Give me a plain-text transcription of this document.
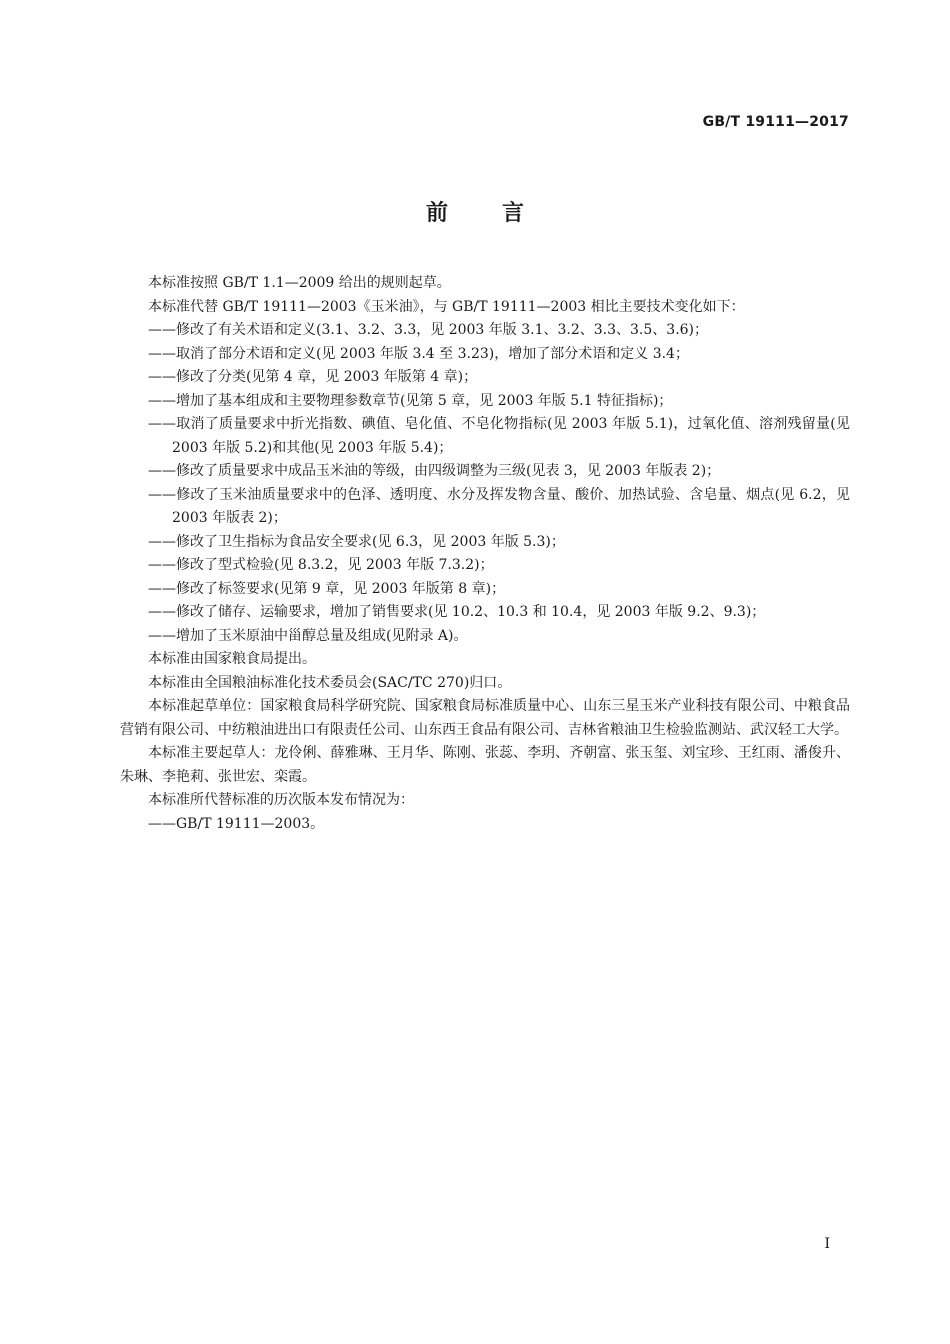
GB/T 19111—2017
前言

本标准按照 GB/T 1.1—2009 给出的规则起草。

本标准代替 GB/T 19111—2003《玉米油》，与 GB/T 19111—2003 相比主要技术变化如下：

——修改了有关术语和定义(3.1、3.2、3.3，见 2003 年版 3.1、3.2、3.3、3.5、3.6)；

——取消了部分术语和定义(见 2003 年版 3.4 至 3.23)，增加了部分术语和定义 3.4；

——修改了分类(见第 4 章，见 2003 年版第 4 章)；

——增加了基本组成和主要物理参数章节(见第 5 章，见 2003 年版 5.1 特征指标)；

——取消了质量要求中折光指数、碘值、皂化值、不皂化物指标(见 2003 年版 5.1)，过氧化值、溶剂残留量(见 2003 年版 5.2)和其他(见 2003 年版 5.4)；

——修改了质量要求中成品玉米油的等级，由四级调整为三级(见表 3，见 2003 年版表 2)；

——修改了玉米油质量要求中的色泽、透明度、水分及挥发物含量、酸价、加热试验、含皂量、烟点(见 6.2，见 2003 年版表 2)；

——修改了卫生指标为食品安全要求(见 6.3，见 2003 年版 5.3)；

——修改了型式检验(见 8.3.2，见 2003 年版 7.3.2)；

——修改了标签要求(见第 9 章，见 2003 年版第 8 章)；

——修改了储存、运输要求，增加了销售要求(见 10.2、10.3 和 10.4，见 2003 年版 9.2、9.3)；

——增加了玉米原油中甾醇总量及组成(见附录 A)。

本标准由国家粮食局提出。

本标准由全国粮油标准化技术委员会(SAC/TC 270)归口。

本标准起草单位：国家粮食局科学研究院、国家粮食局标准质量中心、山东三星玉米产业科技有限公司、中粮食品营销有限公司、中纺粮油进出口有限责任公司、山东西王食品有限公司、吉林省粮油卫生检验监测站、武汉轻工大学。

本标准主要起草人：龙伶俐、薛雅琳、王月华、陈刚、张蕊、李玥、齐朝富、张玉玺、刘宝珍、王红雨、潘俊升、朱琳、李艳莉、张世宏、栾霞。

本标准所代替标准的历次版本发布情况为：

——GB/T 19111—2003。

I
